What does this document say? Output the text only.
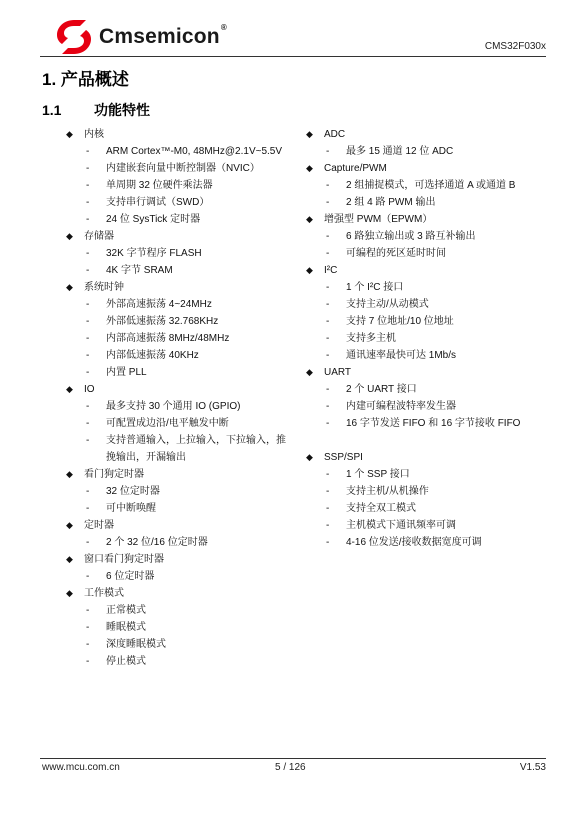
Cmsemicon®
CMS32F030x
1. 产品概述
1.1 功能特性
◆	内核
-	ARM Cortex™-M0, 48MHz@2.1V~5.5V
-	内建嵌套向量中断控制器（NVIC）
-	单周期 32 位硬件乘法器
-	支持串行调试（SWD）
-	24 位 SysTick 定时器
◆	存储器
-	32K 字节程序 FLASH
-	4K 字节 SRAM
◆	系统时钟
-	外部高速振荡 4~24MHz
-	外部低速振荡 32.768KHz
-	内部高速振荡 8MHz/48MHz
-	内部低速振荡 40KHz
-	内置 PLL
◆	IO
-	最多支持 30 个通用 IO (GPIO)
-	可配置成边沿/电平触发中断
-	支持普通输入，上拉输入，下拉输入，推
挽输出，开漏输出
◆	看门狗定时器
-	32 位定时器
-	可中断唤醒
◆	定时器
-	2 个 32 位/16 位定时器
◆	窗口看门狗定时器
-	6 位定时器
◆	工作模式
-	正常模式
-	睡眠模式
-	深度睡眠模式
-	停止模式
◆	ADC
-	最多 15 通道 12 位 ADC
◆	Capture/PWM
-	2 组捕捉模式，可选择通道 A 或通道 B
-	2 组 4 路 PWM 输出
◆	增强型 PWM（EPWM）
-	6 路独立输出或 3 路互补输出
-	可编程的死区延时时间
◆	I²C
-	1 个 I²C 接口
-	支持主动/从动模式
-	支持 7 位地址/10 位地址
-	支持多主机
-	通讯速率最快可达 1Mb/s
◆	UART
-	2 个 UART 接口
-	内建可编程波特率发生器
-	16 字节发送 FIFO 和 16 字节接收 FIFO
◆	SSP/SPI
-	1 个 SSP 接口
-	支持主机/从机操作
-	支持全双工模式
-	主机模式下通讯频率可调
-	4-16 位发送/接收数据宽度可调
www.mcu.com.cn	5 / 126	V1.53
